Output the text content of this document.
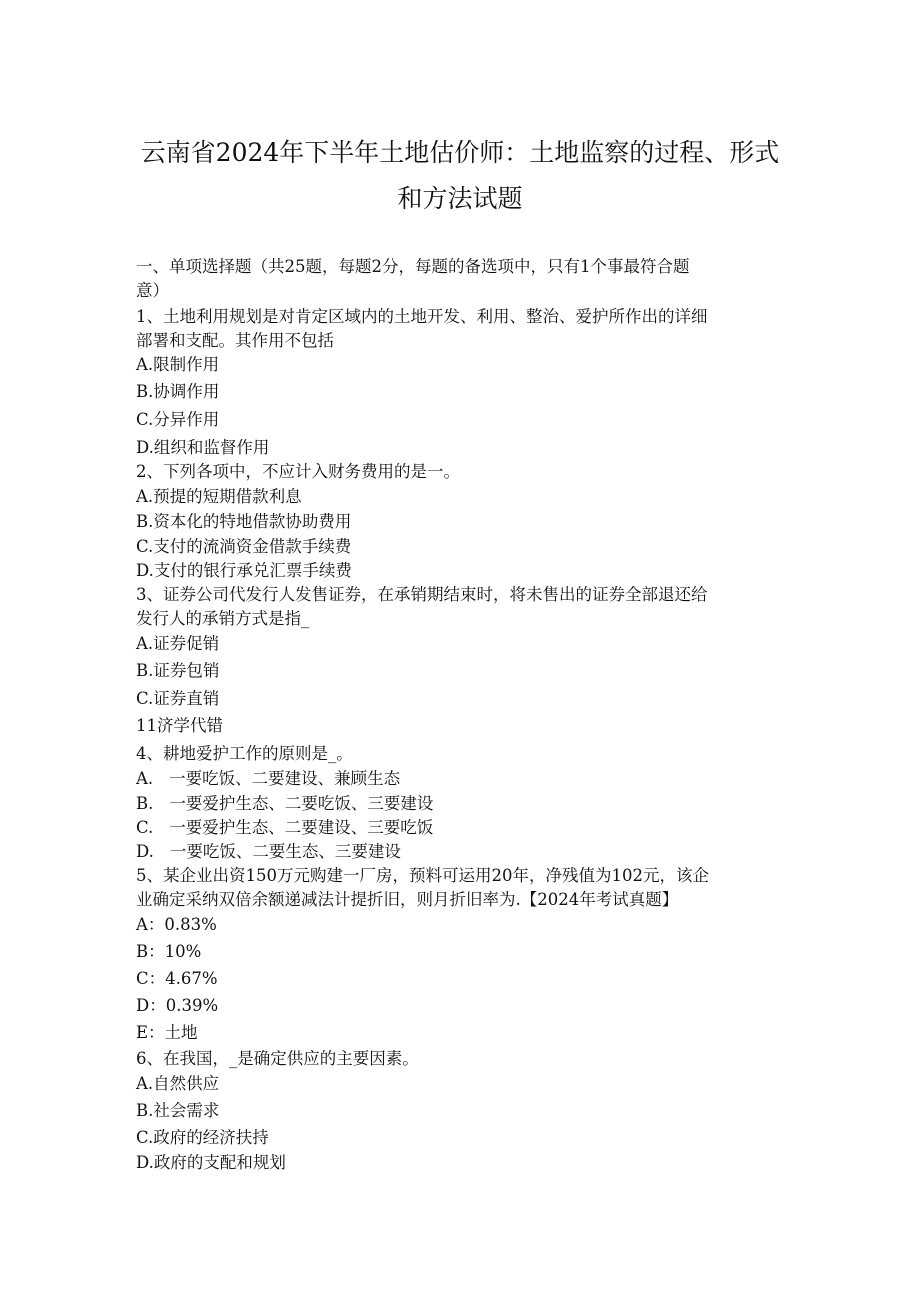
云南省2024年下半年土地估价师：土地监察的过程、形式
和方法试题
一、单项选择题（共25题，每题2分，每题的备选项中，只有1个事最符合题
意）
1、土地利用规划是对肯定区域内的土地开发、利用、整治、爱护所作出的详细
部署和支配。其作用不包括
A.限制作用
B.协调作用
C.分异作用
D.组织和监督作用
2、下列各项中，不应计入财务费用的是一。
A.预提的短期借款利息
B.资本化的特地借款协助费用
C.支付的流淌资金借款手续费
D.支付的银行承兑汇票手续费
3、证券公司代发行人发售证券，在承销期结束时，将未售出的证券全部退还给
发行人的承销方式是指_
A.证券促销
B.证券包销
C.证券直销
11济学代错
4、耕地爱护工作的原则是_。
A. 一要吃饭、二要建设、兼顾生态
B. 一要爱护生态、二要吃饭、三要建设
C. 一要爱护生态、二要建设、三要吃饭
D. 一要吃饭、二要生态、三要建设
5、某企业出资150万元购建一厂房，预料可运用20年，净残值为102元，该企
业确定采纳双倍余额递减法计提折旧，则月折旧率为.【2024年考试真题】
A：0.83%
B：10%
C：4.67%
D：0.39%
E：土地
6、在我国，_是确定供应的主要因素。
A.自然供应
B.社会需求
C.政府的经济扶持
D.政府的支配和规划
